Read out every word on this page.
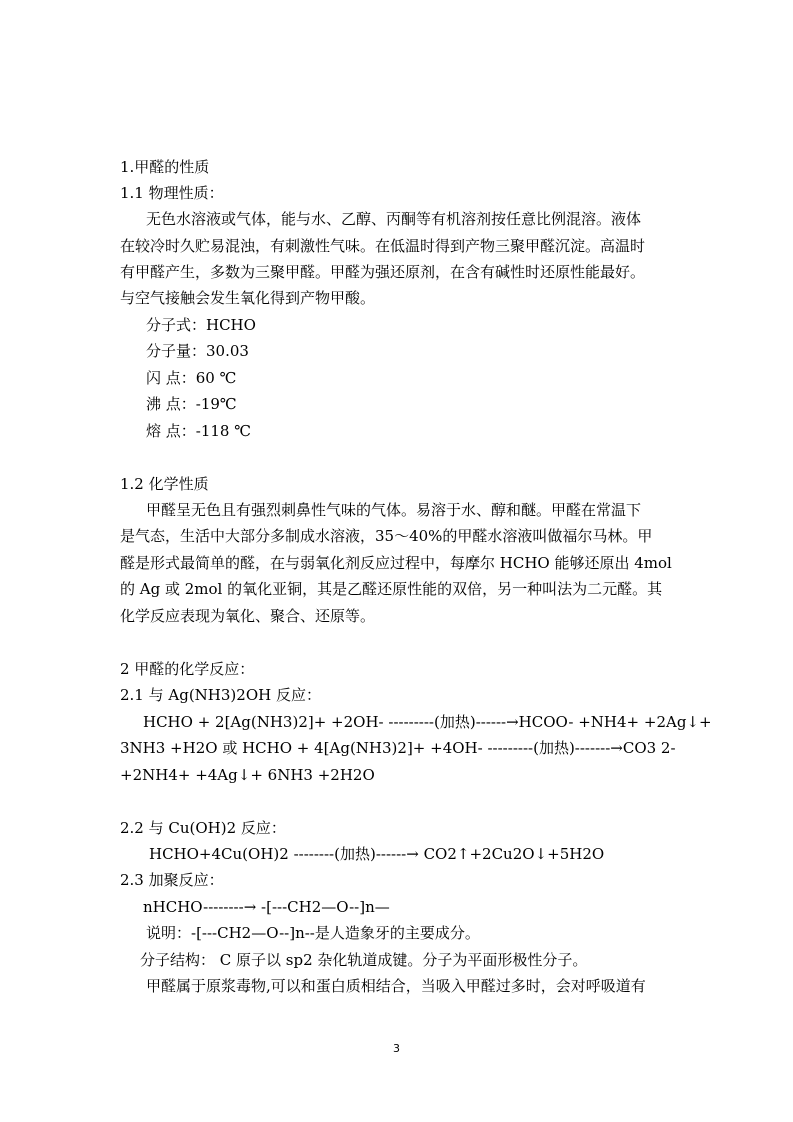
1.甲醛的性质
1.1 物理性质：
无色水溶液或气体，能与水、乙醇、丙酮等有机溶剂按任意比例混溶。液体
在较冷时久贮易混浊，有刺激性气味。在低温时得到产物三聚甲醛沉淀。高温时
有甲醛产生，多数为三聚甲醛。甲醛为强还原剂，在含有碱性时还原性能最好。
与空气接触会发生氧化得到产物甲酸。
分子式：HCHO
分子量：30.03
闪 点：60 ℃
沸 点：-19℃
熔 点：-118 ℃
1.2 化学性质
甲醛呈无色且有强烈刺鼻性气味的气体。易溶于水、醇和醚。甲醛在常温下
是气态，生活中大部分多制成水溶液，35～40%的甲醛水溶液叫做福尔马林。甲
醛是形式最简单的醛，在与弱氧化剂反应过程中，每摩尔 HCHO 能够还原出 4mol
的 Ag 或 2mol 的氧化亚铜，其是乙醛还原性能的双倍，另一种叫法为二元醛。其
化学反应表现为氧化、聚合、还原等。
2 甲醛的化学反应：
2.1 与 Ag(NH3)2OH 反应：
HCHO + 2[Ag(NH3)2]+ +2OH- ---------(加热)------→HCOO- +NH4+ +2Ag↓+
3NH3 +H2O 或 HCHO + 4[Ag(NH3)2]+ +4OH- ---------(加热)-------→CO3 2-
+2NH4+ +4Ag↓+ 6NH3 +2H2O
2.2 与 Cu(OH)2 反应：
HCHO+4Cu(OH)2 --------(加热)------→ CO2↑+2Cu2O↓+5H2O
2.3 加聚反应：
nHCHO--------→ -[---CH2—O--]n—
说明：-[---CH2—O--]n--是人造象牙的主要成分。
分子结构： C 原子以 sp2 杂化轨道成键。分子为平面形极性分子。
甲醛属于原浆毒物,可以和蛋白质相结合，当吸入甲醛过多时，会对呼吸道有
3
